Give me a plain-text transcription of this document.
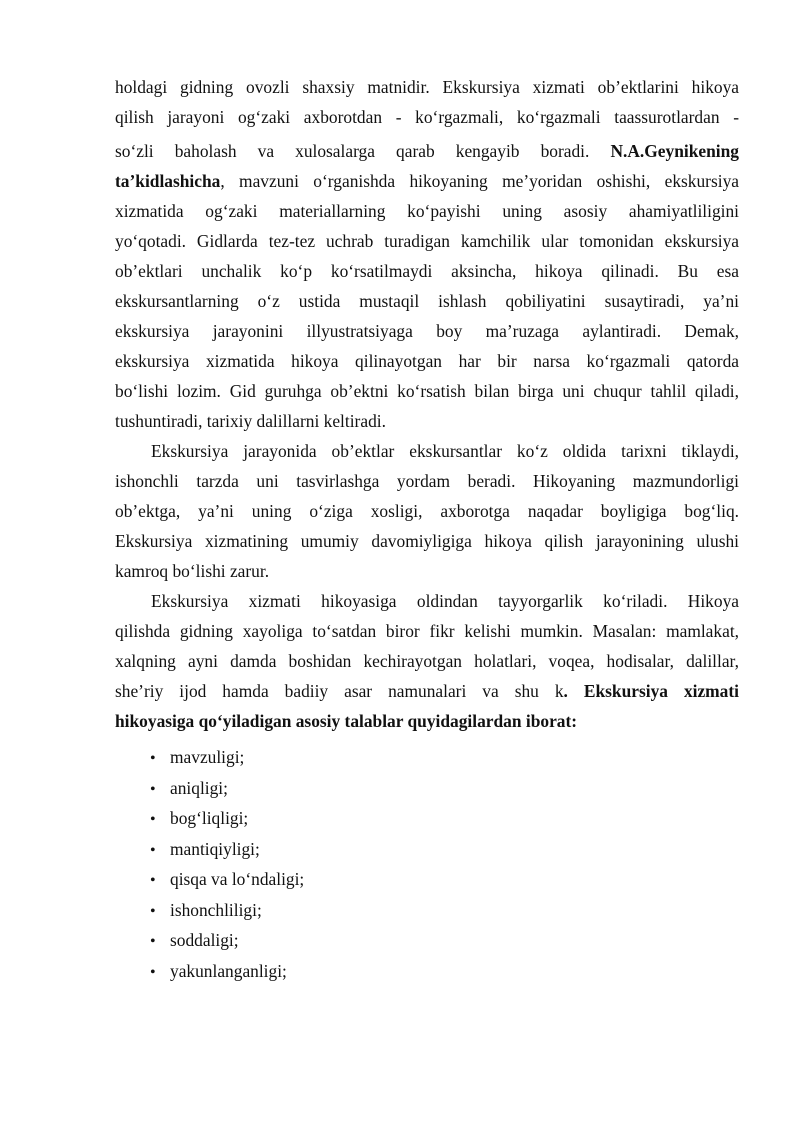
holdagi gidning ovozli shaxsiy matnidir. Ekskursiya xizmati ob’ektlarini hikoya
qilish jarayoni og‘zaki axborotdan - ko‘rgazmali, ko‘rgazmali taassurotlardan -
so‘zli baholash va xulosalarga qarab kengayib boradi. N.A.Geynikening
ta’kidlashicha, mavzuni o‘rganishda hikoyaning me’yoridan oshishi, ekskursiya
xizmatida og‘zaki materiallarning ko‘payishi uning asosiy ahamiyatliligini
yo‘qotadi. Gidlarda tez-tez uchrab turadigan kamchilik ular tomonidan ekskursiya
ob’ektlari unchalik ko‘p ko‘rsatilmaydi aksincha, hikoya qilinadi. Bu esa
ekskursantlarning o‘z ustida mustaqil ishlash qobiliyatini susaytiradi, ya’ni
ekskursiya jarayonini illyustratsiyaga boy ma’ruzaga aylantiradi. Demak,
ekskursiya xizmatida hikoya qilinayotgan har bir narsa ko‘rgazmali qatorda
bo‘lishi lozim. Gid guruhga ob’ektni ko‘rsatish bilan birga uni chuqur tahlil qiladi,
tushuntiradi, tarixiy dalillarni keltiradi.
Ekskursiya jarayonida ob’ektlar ekskursantlar ko‘z oldida tarixni tiklaydi,
ishonchli tarzda uni tasvirlashga yordam beradi. Hikoyaning mazmundorligi
ob’ektga, ya’ni uning o‘ziga xosligi, axborotga naqadar boyligiga bog‘liq.
Ekskursiya xizmatining umumiy davomiyligiga hikoya qilish jarayonining ulushi
kamroq bo‘lishi zarur.
Ekskursiya xizmati hikoyasiga oldindan tayyorgarlik ko‘riladi. Hikoya
qilishda gidning xayoliga to‘satdan biror fikr kelishi mumkin. Masalan: mamlakat,
xalqning ayni damda boshidan kechirayotgan holatlari, voqea, hodisalar, dalillar,
she’riy ijod hamda badiiy asar namunalari va shu k. Ekskursiya xizmati
hikoyasiga qo‘yiladigan asosiy talablar quyidagilardan iborat:
• mavzuligi;
• aniqligi;
• bog‘liqligi;
• mantiqiyligi;
• qisqa va lo‘ndaligi;
• ishonchliligi;
• soddaligi;
• yakunlanganligi;
